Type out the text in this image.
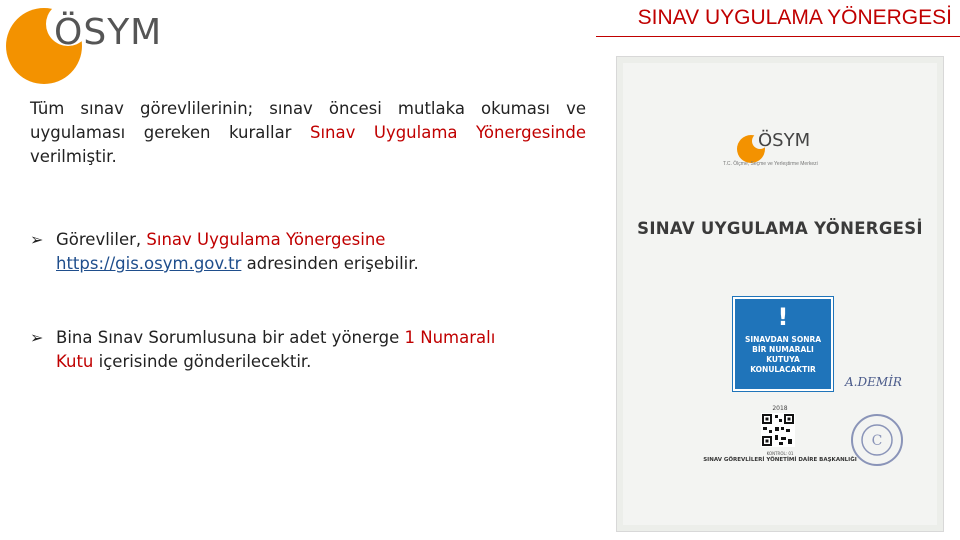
ÖSYM	SINAV UYGULAMA YÖNERGESİ
Tüm sınav görevlilerinin; sınav öncesi mutlaka okuması ve uygulaması gereken kurallar Sınav Uygulama Yönergesinde verilmiştir.
➢ Görevliler, Sınav Uygulama Yönergesine
https://gis.osym.gov.tr adresinden erişebilir.
➢ Bina Sınav Sorumlusuna bir adet yönerge 1 Numaralı
Kutu içerisinde gönderilecektir.
ÖSYM
T.C. Ölçme, Seçme ve Yerleştirme Merkezi
SINAV UYGULAMA YÖNERGESİ
!
SINAVDAN SONRA
BİR NUMARALI
KUTUYA
KONULACAKTIR
A.DEMİR
C
2018
KONTROL: 01
SINAV GÖREVLİLERİ YÖNETİMİ DAİRE BAŞKANLIĞI
